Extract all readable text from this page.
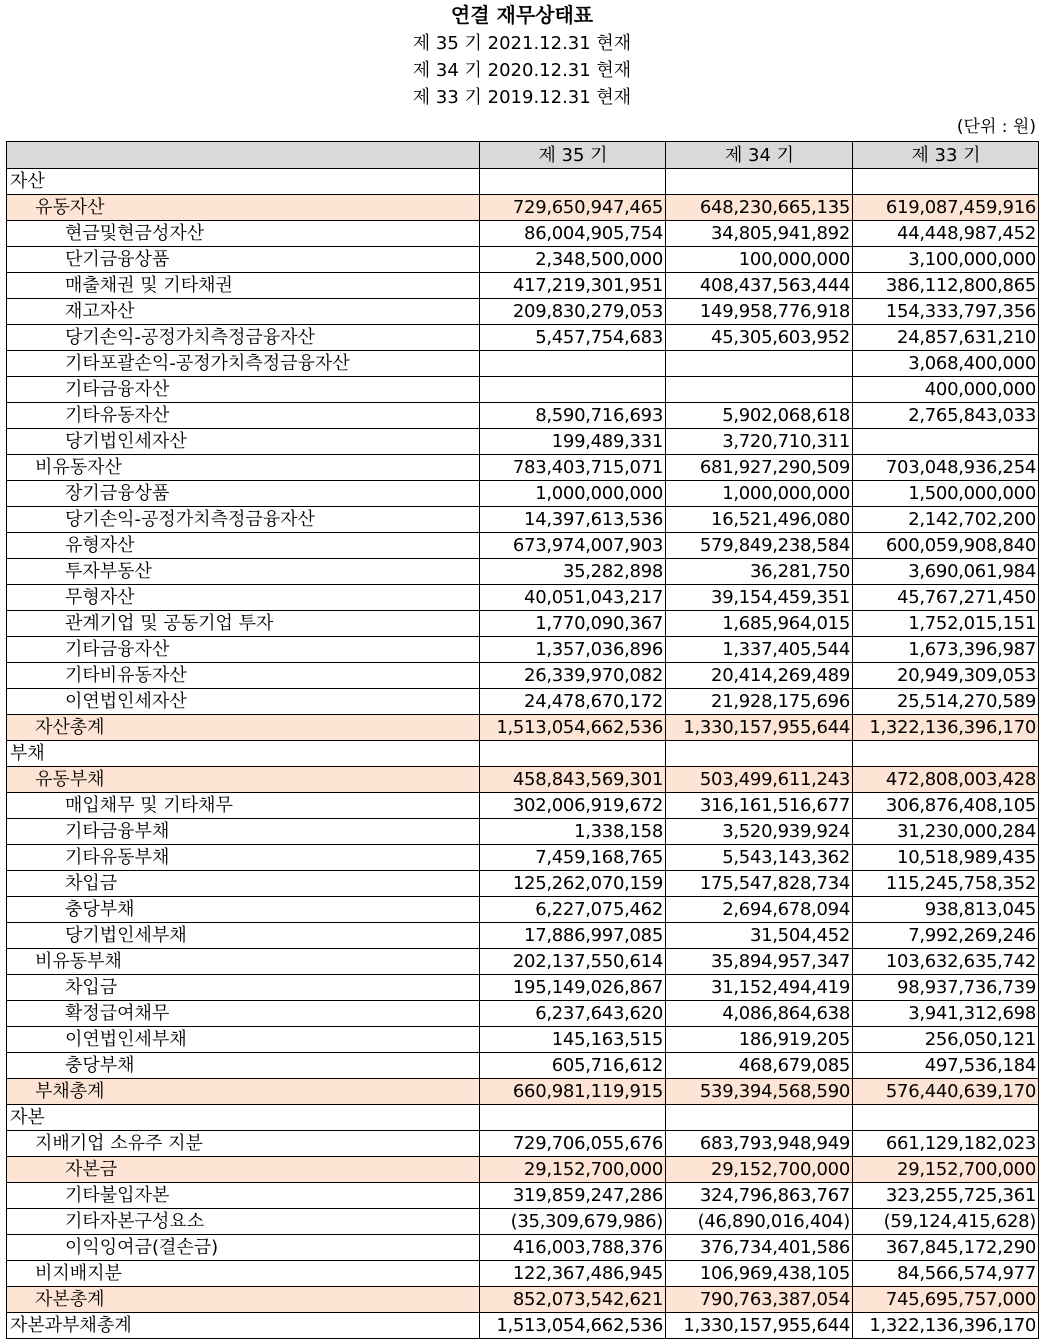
연결 재무상태표
제 35 기 2021.12.31 현재
제 34 기 2020.12.31 현재
제 33 기 2019.12.31 현재
(단위 : 원)
	제 35 기	제 34 기	제 33 기
자산			
유동자산	729,650,947,465	648,230,665,135	619,087,459,916
현금및현금성자산	86,004,905,754	34,805,941,892	44,448,987,452
단기금융상품	2,348,500,000	100,000,000	3,100,000,000
매출채권 및 기타채권	417,219,301,951	408,437,563,444	386,112,800,865
재고자산	209,830,279,053	149,958,776,918	154,333,797,356
당기손익-공정가치측정금융자산	5,457,754,683	45,305,603,952	24,857,631,210
기타포괄손익-공정가치측정금융자산			3,068,400,000
기타금융자산			400,000,000
기타유동자산	8,590,716,693	5,902,068,618	2,765,843,033
당기법인세자산	199,489,331	3,720,710,311	
비유동자산	783,403,715,071	681,927,290,509	703,048,936,254
장기금융상품	1,000,000,000	1,000,000,000	1,500,000,000
당기손익-공정가치측정금융자산	14,397,613,536	16,521,496,080	2,142,702,200
유형자산	673,974,007,903	579,849,238,584	600,059,908,840
투자부동산	35,282,898	36,281,750	3,690,061,984
무형자산	40,051,043,217	39,154,459,351	45,767,271,450
관계기업 및 공동기업 투자	1,770,090,367	1,685,964,015	1,752,015,151
기타금융자산	1,357,036,896	1,337,405,544	1,673,396,987
기타비유동자산	26,339,970,082	20,414,269,489	20,949,309,053
이연법인세자산	24,478,670,172	21,928,175,696	25,514,270,589
자산총계	1,513,054,662,536	1,330,157,955,644	1,322,136,396,170
부채			
유동부채	458,843,569,301	503,499,611,243	472,808,003,428
매입채무 및 기타채무	302,006,919,672	316,161,516,677	306,876,408,105
기타금융부채	1,338,158	3,520,939,924	31,230,000,284
기타유동부채	7,459,168,765	5,543,143,362	10,518,989,435
차입금	125,262,070,159	175,547,828,734	115,245,758,352
충당부채	6,227,075,462	2,694,678,094	938,813,045
당기법인세부채	17,886,997,085	31,504,452	7,992,269,246
비유동부채	202,137,550,614	35,894,957,347	103,632,635,742
차입금	195,149,026,867	31,152,494,419	98,937,736,739
확정급여채무	6,237,643,620	4,086,864,638	3,941,312,698
이연법인세부채	145,163,515	186,919,205	256,050,121
충당부채	605,716,612	468,679,085	497,536,184
부채총계	660,981,119,915	539,394,568,590	576,440,639,170
자본			
지배기업 소유주 지분	729,706,055,676	683,793,948,949	661,129,182,023
자본금	29,152,700,000	29,152,700,000	29,152,700,000
기타불입자본	319,859,247,286	324,796,863,767	323,255,725,361
기타자본구성요소	(35,309,679,986)	(46,890,016,404)	(59,124,415,628)
이익잉여금(결손금)	416,003,788,376	376,734,401,586	367,845,172,290
비지배지분	122,367,486,945	106,969,438,105	84,566,574,977
자본총계	852,073,542,621	790,763,387,054	745,695,757,000
자본과부채총계	1,513,054,662,536	1,330,157,955,644	1,322,136,396,170
